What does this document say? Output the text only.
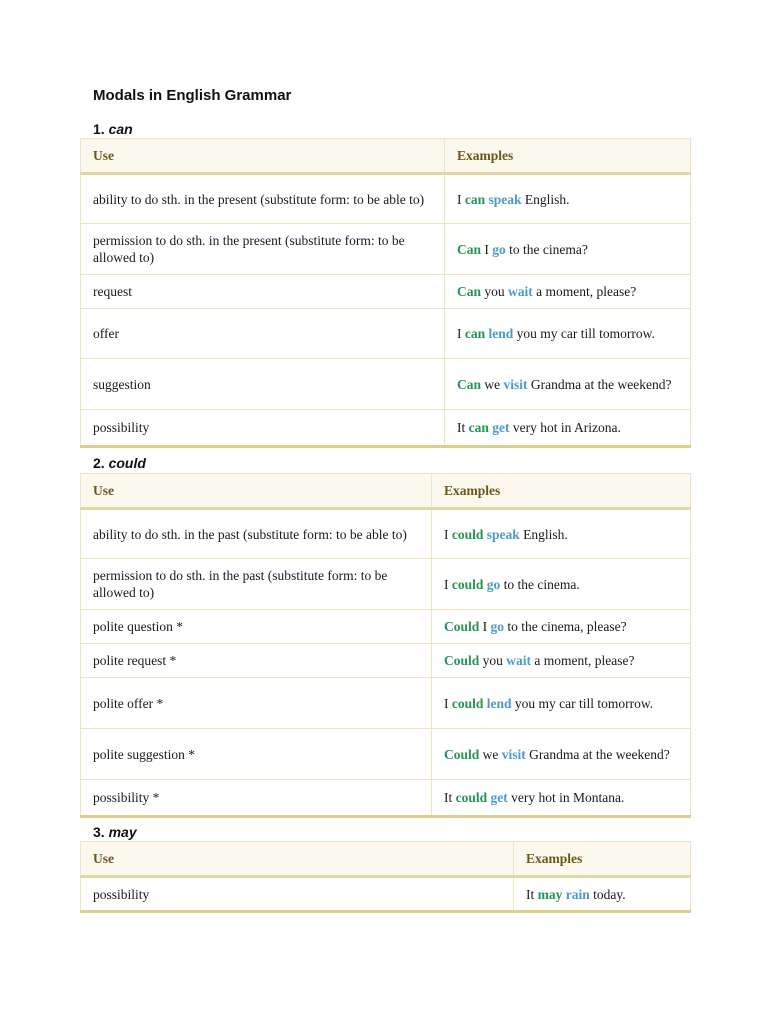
Modals in English Grammar
1. can
Use	Examples
ability to do sth. in the present (substitute form: to be able to)	I can speak English.
permission to do sth. in the present (substitute form: to be allowed to)	Can I go to the cinema?
request	Can you wait a moment, please?
offer	I can lend you my car till tomorrow.
suggestion	Can we visit Grandma at the weekend?
possibility	It can get very hot in Arizona.
2. could
Use	Examples
ability to do sth. in the past (substitute form: to be able to)	I could speak English.
permission to do sth. in the past (substitute form: to be allowed to)	I could go to the cinema.
polite question *	Could I go to the cinema, please?
polite request *	Could you wait a moment, please?
polite offer *	I could lend you my car till tomorrow.
polite suggestion *	Could we visit Grandma at the weekend?
possibility *	It could get very hot in Montana.
3. may
Use	Examples
possibility	It may rain today.
